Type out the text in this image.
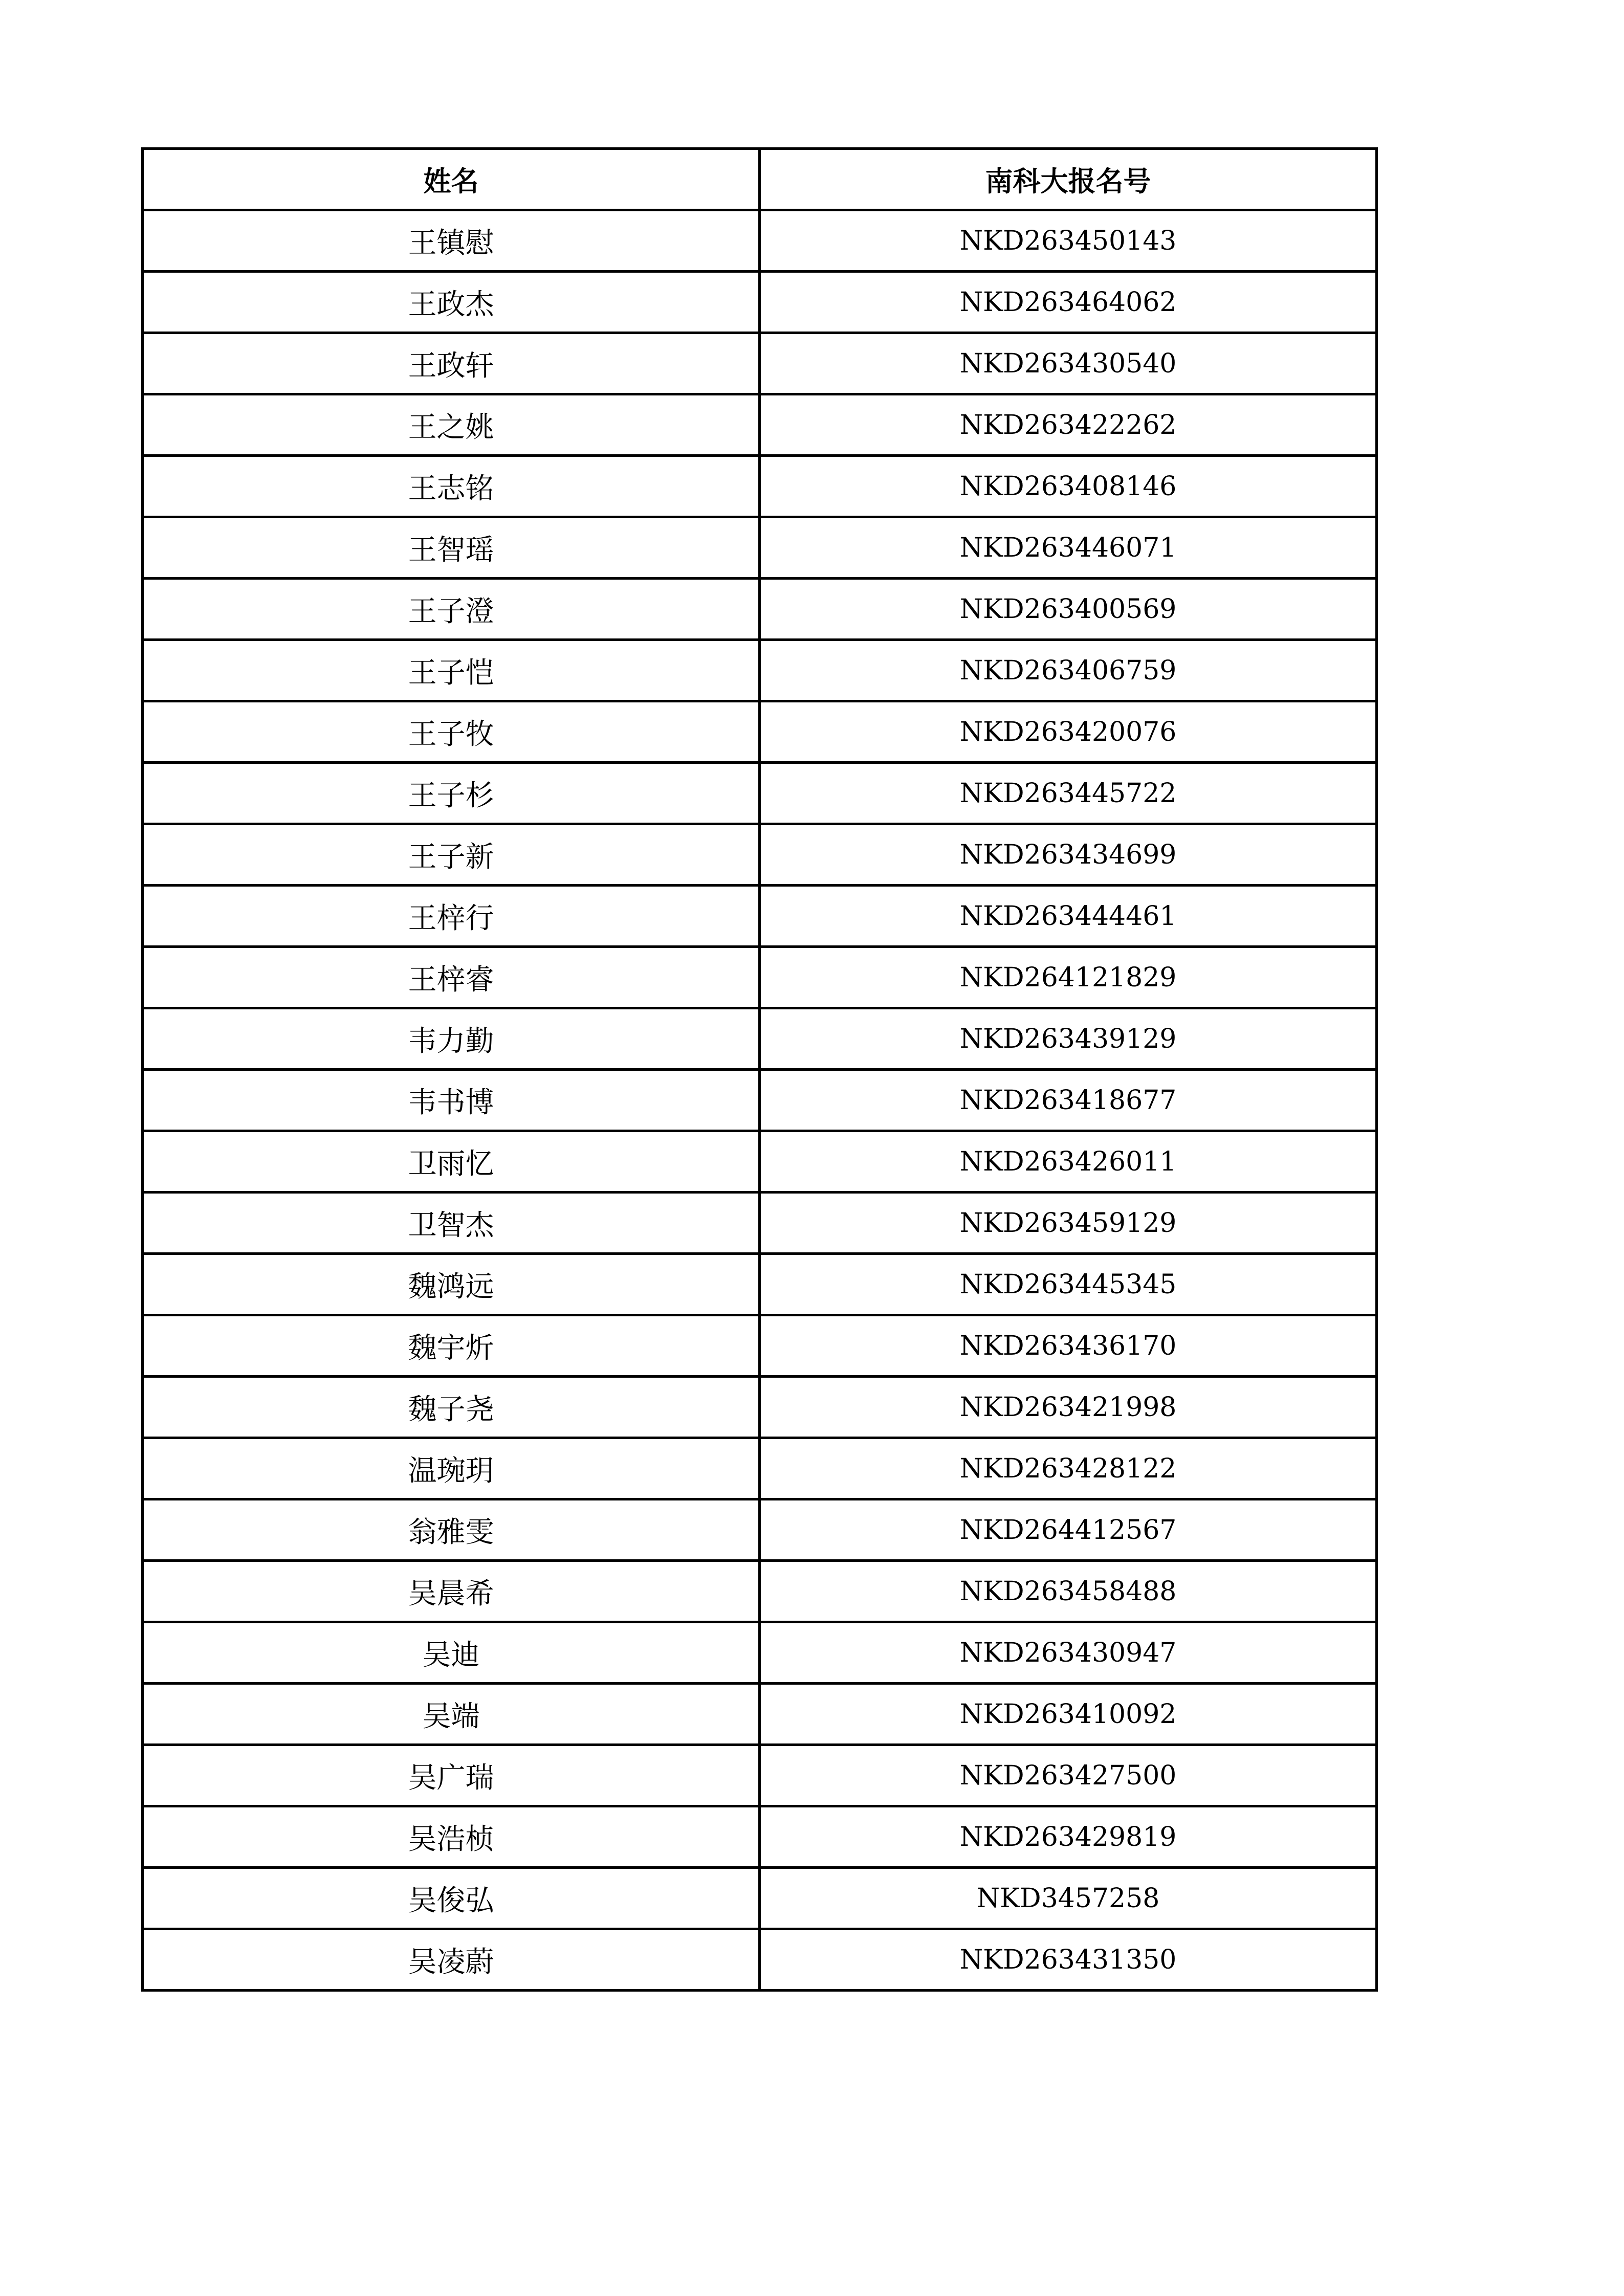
姓名	南科大报名号
王镇慰	NKD263450143
王政杰	NKD263464062
王政轩	NKD263430540
王之姚	NKD263422262
王志铭	NKD263408146
王智瑶	NKD263446071
王子澄	NKD263400569
王子恺	NKD263406759
王子牧	NKD263420076
王子杉	NKD263445722
王子新	NKD263434699
王梓行	NKD263444461
王梓睿	NKD264121829
韦力勤	NKD263439129
韦书博	NKD263418677
卫雨忆	NKD263426011
卫智杰	NKD263459129
魏鸿远	NKD263445345
魏宇炘	NKD263436170
魏子尧	NKD263421998
温琬玥	NKD263428122
翁雅雯	NKD264412567
吴晨希	NKD263458488
吴迪	NKD263430947
吴端	NKD263410092
吴广瑞	NKD263427500
吴浩桢	NKD263429819
吴俊弘	NKD3457258
吴凌蔚	NKD263431350
